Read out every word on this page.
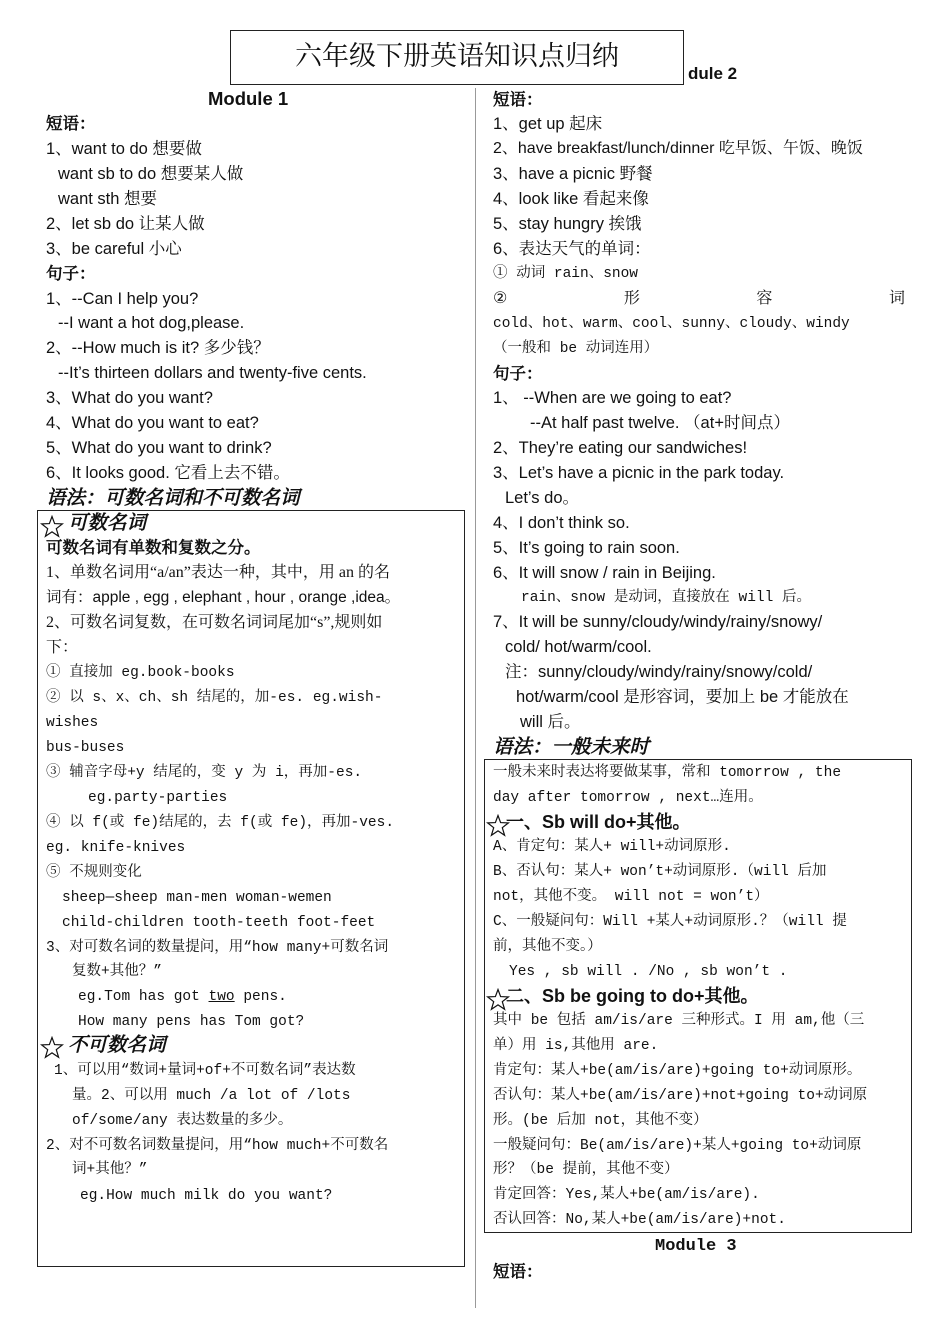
六年级下册英语知识点归纳
Module 1
短语：
1、want to do 想要做
want sb to do 想要某人做
want sth 想要
2、let sb do 让某人做
3、be careful 小心
句子：
1、--Can I help you?
--I want a hot dog,please.
2、--How much is it? 多少钱？
--It’s thirteen dollars and twenty-five cents.
3、What do you want?
4、What do you want to eat?
5、What do you want to drink?
6、It looks good. 它看上去不错。
语法：可数名词和不可数名词
可数名词
可数名词有单数和复数之分。
1、单数名词用“a/an”表达一种，其中，用 an 的名
词有：apple , egg , elephant , hour , orange ,idea。
2、可数名词复数，在可数名词词尾加“s”,规则如
下：
① 直接加 eg.book-books
② 以 s、x、ch、sh 结尾的，加-es. eg.wish-
wishes
bus-buses
③ 辅音字母+y 结尾的，变 y 为 i，再加-es.
eg.party-parties
④ 以 f(或 fe)结尾的，去 f(或 fe)，再加-ves.
eg. knife-knives
⑤ 不规则变化
sheep—sheep man-men woman-wemen
child-children tooth-teeth foot-feet
3、对可数名词的数量提问，用“how many+可数名词
复数+其他？”
eg.Tom has got two pens.
How many pens has Tom got?
不可数名词
1、可以用“数词+量词+of+不可数名词”表达数
量。2、可以用 much /a lot of /lots
of/some/any 表达数量的多少。
2、对不可数名词数量提问，用“how much+不可数名
词+其他？”
eg.How much milk do you want?
dule 2
短语：
1、get up 起床
2、have breakfast/lunch/dinner 吃早饭、午饭、晚饭
3、have a picnic 野餐
4、look like 看起来像
5、stay hungry 挨饿
6、表达天气的单词：
① 动词 rain、snow
②	形	容	词
cold、hot、warm、cool、sunny、cloudy、windy
（一般和 be 动词连用）
句子：
1、 --When are we going to eat?
--At half past twelve. （at+时间点）
2、They’re eating our sandwiches!
3、Let’s have a picnic in the park today.
Let’s do。
4、I don’t think so.
5、It’s going to rain soon.
6、It will snow / rain in Beijing.
rain、snow 是动词，直接放在 will 后。
7、It will be sunny/cloudy/windy/rainy/snowy/
cold/ hot/warm/cool.
注：sunny/cloudy/windy/rainy/snowy/cold/
hot/warm/cool 是形容词，要加上 be 才能放在
will 后。
语法：一般未来时
一般未来时表达将要做某事，常和 tomorrow , the
day after tomorrow , next…连用。
一、Sb will do+其他。
A、肯定句：某人+ will+动词原形.
B、否认句：某人+ won’t+动词原形.（will 后加
not，其他不变。 will not = won’t）
C、一般疑问句：Will +某人+动词原形.？（will 提
前，其他不变。）
Yes , sb will . /No , sb won’t .
二、Sb be going to do+其他。
其中 be 包括 am/is/are 三种形式。I 用 am,他（三
单）用 is,其他用 are.
肯定句：某人+be(am/is/are)+going to+动词原形。
否认句：某人+be(am/is/are)+not+going to+动词原
形。(be 后加 not，其他不变）
一般疑问句：Be(am/is/are)+某人+going to+动词原
形？（be 提前，其他不变）
肯定回答：Yes,某人+be(am/is/are).
否认回答：No,某人+be(am/is/are)+not.
Module 3
短语：
